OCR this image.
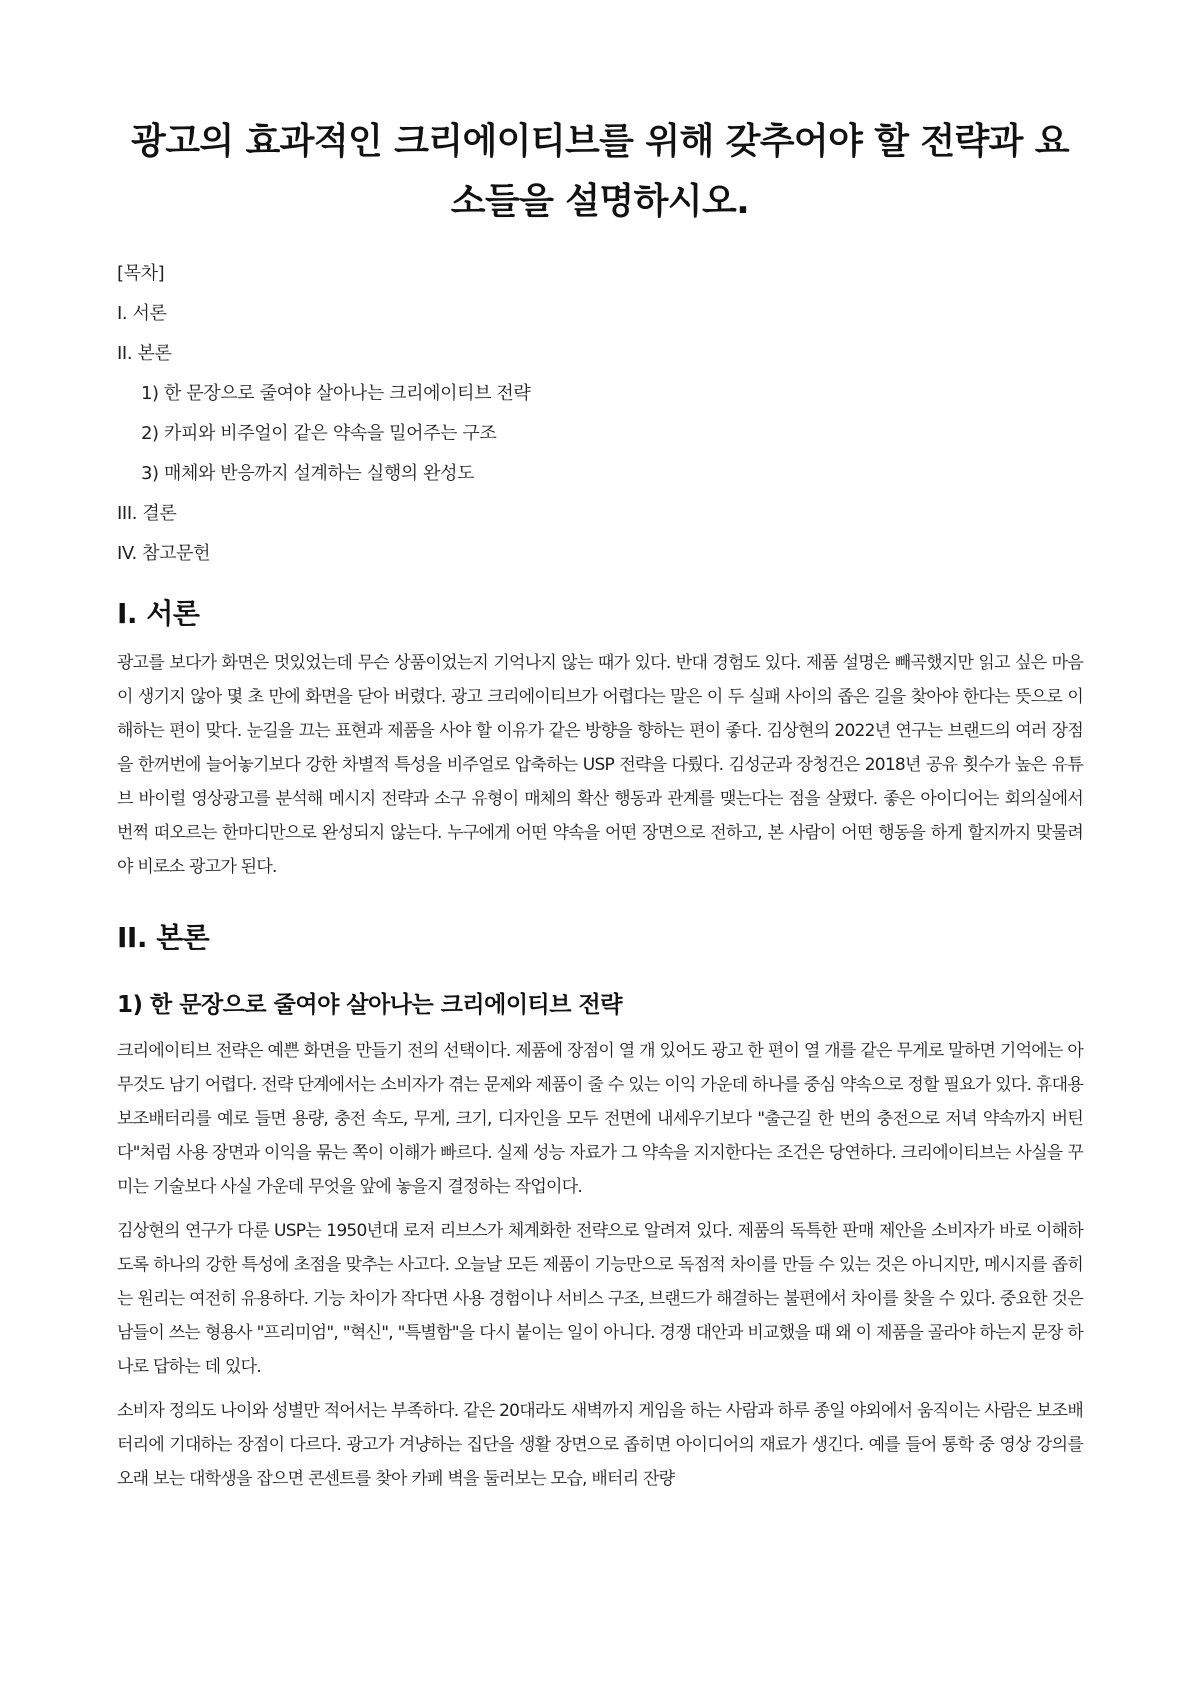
광고의 효과적인 크리에이티브를 위해 갖추어야 할 전략과 요소들을 설명하시오.

[목차]

I. 서론

II. 본론

1) 한 문장으로 줄여야 살아나는 크리에이티브 전략

2) 카피와 비주얼이 같은 약속을 밀어주는 구조

3) 매체와 반응까지 설계하는 실행의 완성도

III. 결론

IV. 참고문헌

I. 서론

광고를 보다가 화면은 멋있었는데 무슨 상품이었는지 기억나지 않는 때가 있다. 반대 경험도 있다. 제품 설명은 빼곡했지만 읽고 싶은 마음이 생기지 않아 몇 초 만에 화면을 닫아 버렸다. 광고 크리에이티브가 어렵다는 말은 이 두 실패 사이의 좁은 길을 찾아야 한다는 뜻으로 이해하는 편이 맞다. 눈길을 끄는 표현과 제품을 사야 할 이유가 같은 방향을 향하는 편이 좋다. 김상현의 2022년 연구는 브랜드의 여러 장점을 한꺼번에 늘어놓기보다 강한 차별적 특성을 비주얼로 압축하는 USP 전략을 다뤘다. 김성군과 장청건은 2018년 공유 횟수가 높은 유튜브 바이럴 영상광고를 분석해 메시지 전략과 소구 유형이 매체의 확산 행동과 관계를 맺는다는 점을 살폈다. 좋은 아이디어는 회의실에서 번쩍 떠오르는 한마디만으로 완성되지 않는다. 누구에게 어떤 약속을 어떤 장면으로 전하고, 본 사람이 어떤 행동을 하게 할지까지 맞물려야 비로소 광고가 된다.

II. 본론
1) 한 문장으로 줄여야 살아나는 크리에이티브 전략

크리에이티브 전략은 예쁜 화면을 만들기 전의 선택이다. 제품에 장점이 열 개 있어도 광고 한 편이 열 개를 같은 무게로 말하면 기억에는 아무것도 남기 어렵다. 전략 단계에서는 소비자가 겪는 문제와 제품이 줄 수 있는 이익 가운데 하나를 중심 약속으로 정할 필요가 있다. 휴대용 보조배터리를 예로 들면 용량, 충전 속도, 무게, 크기, 디자인을 모두 전면에 내세우기보다 "출근길 한 번의 충전으로 저녁 약속까지 버틴다"처럼 사용 장면과 이익을 묶는 쪽이 이해가 빠르다. 실제 성능 자료가 그 약속을 지지한다는 조건은 당연하다. 크리에이티브는 사실을 꾸미는 기술보다 사실 가운데 무엇을 앞에 놓을지 결정하는 작업이다.

김상현의 연구가 다룬 USP는 1950년대 로저 리브스가 체계화한 전략으로 알려져 있다. 제품의 독특한 판매 제안을 소비자가 바로 이해하도록 하나의 강한 특성에 초점을 맞추는 사고다. 오늘날 모든 제품이 기능만으로 독점적 차이를 만들 수 있는 것은 아니지만, 메시지를 좁히는 원리는 여전히 유용하다. 기능 차이가 작다면 사용 경험이나 서비스 구조, 브랜드가 해결하는 불편에서 차이를 찾을 수 있다. 중요한 것은 남들이 쓰는 형용사 "프리미엄", "혁신", "특별함"을 다시 붙이는 일이 아니다. 경쟁 대안과 비교했을 때 왜 이 제품을 골라야 하는지 문장 하나로 답하는 데 있다.

소비자 정의도 나이와 성별만 적어서는 부족하다. 같은 20대라도 새벽까지 게임을 하는 사람과 하루 종일 야외에서 움직이는 사람은 보조배터리에 기대하는 장점이 다르다. 광고가 겨냥하는 집단을 생활 장면으로 좁히면 아이디어의 재료가 생긴다. 예를 들어 통학 중 영상 강의를 오래 보는 대학생을 잡으면 콘센트를 찾아 카페 벽을 둘러보는 모습, 배터리 잔량
